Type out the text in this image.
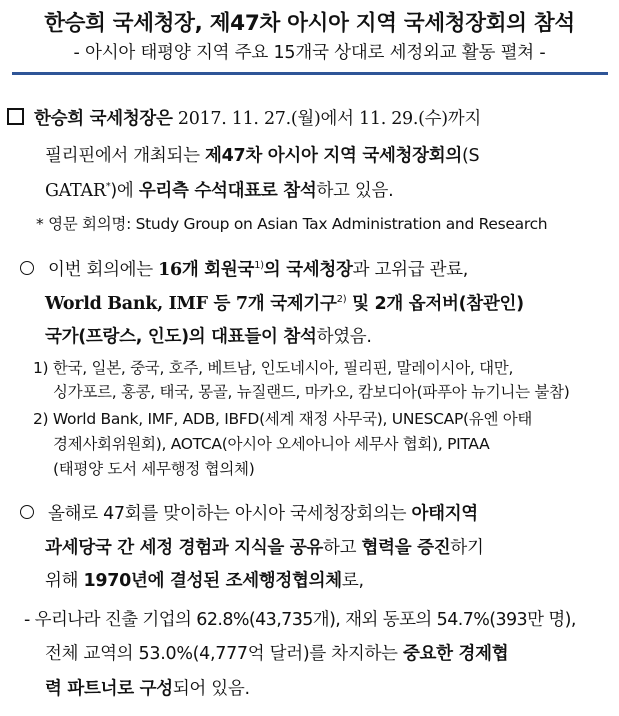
한승희 국세청장, 제47차 아시아 지역 국세청장회의 참석
- 아시아 태평양 지역 주요 15개국 상대로 세정외교 활동 펼쳐 -
한승희 국세청장은 2017. 11. 27.(월)에서 11. 29.(수)까지
필리핀에서 개최되는 제47차 아시아 지역 국세청장회의(S
GATAR*)에 우리측 수석대표로 참석하고 있음.
* 영문 회의명: Study Group on Asian Tax Administration and Research
이번 회의에는 16개 회원국$^{1)}$의 국세청장과 고위급 관료,
World Bank, IMF 등 7개 국제기구$^{2)}$ 및 2개 옵저버(참관인)
국가(프랑스, 인도)의 대표들이 참석하였음.
1) 한국, 일본, 중국, 호주, 베트남, 인도네시아, 필리핀, 말레이시아, 대만,
싱가포르, 홍콩, 태국, 몽골, 뉴질랜드, 마카오, 캄보디아(파푸아 뉴기니는 불참)
2) World Bank, IMF, ADB, IBFD(세계 재정 사무국), UNESCAP(유엔 아태
경제사회위원회), AOTCA(아시아 오세아니아 세무사 협회), PITAA
(태평양 도서 세무행정 협의체)
올해로 47회를 맞이하는 아시아 국세청장회의는 아태지역
과세당국 간 세정 경험과 지식을 공유하고 협력을 증진하기
위해 1970년에 결성된 조세행정협의체로,
- 우리나라 진출 기업의 62.8%(43,735개), 재외 동포의 54.7%(393만 명),
전체 교역의 53.0%(4,777억 달러)를 차지하는 중요한 경제협
력 파트너로 구성되어 있음.
